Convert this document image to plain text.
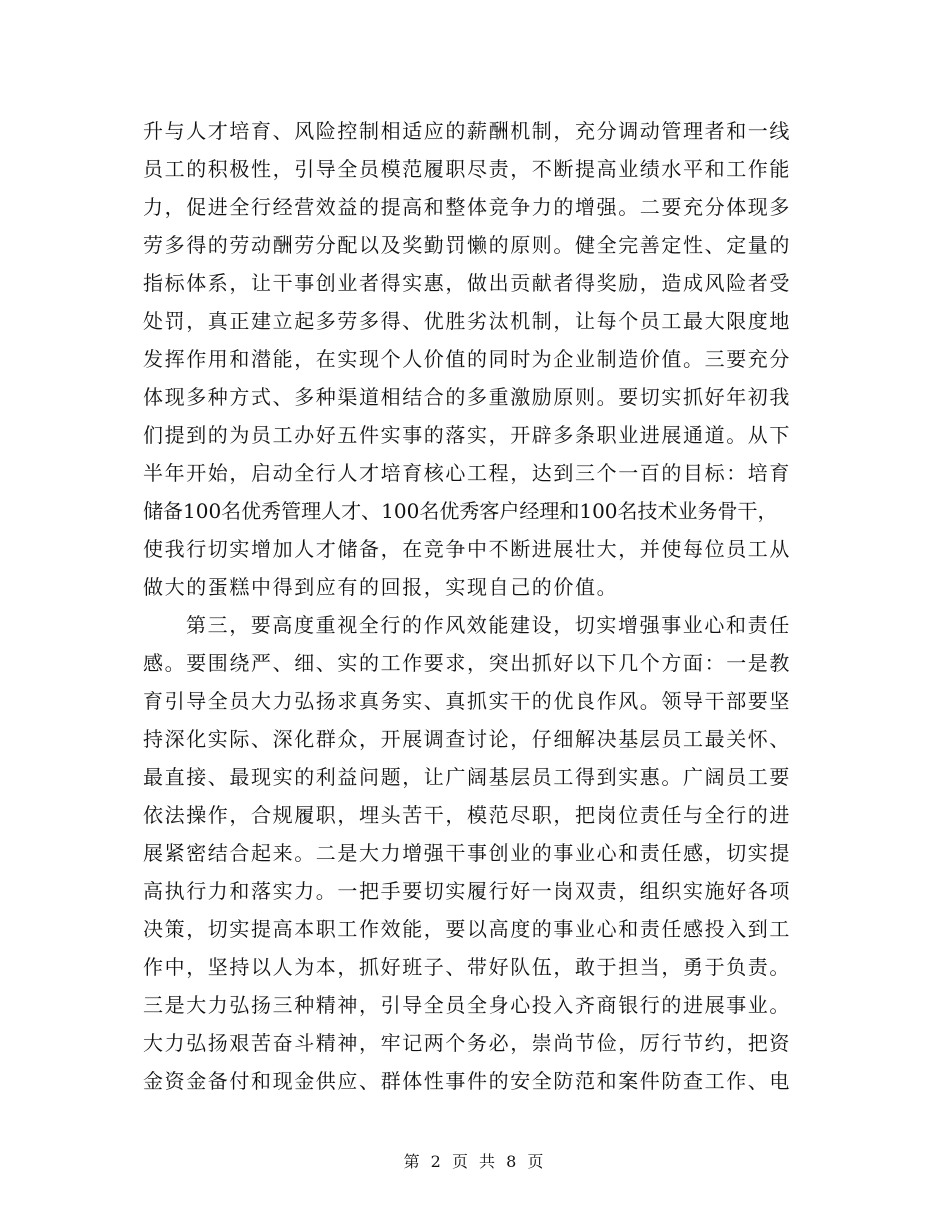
升与人才培育、风险控制相适应的薪酬机制，充分调动管理者和一线
员工的积极性，引导全员模范履职尽责，不断提高业绩水平和工作能
力，促进全行经营效益的提高和整体竞争力的增强。二要充分体现多
劳多得的劳动酬劳分配以及奖勤罚懒的原则。健全完善定性、定量的
指标体系，让干事创业者得实惠，做出贡献者得奖励，造成风险者受
处罚，真正建立起多劳多得、优胜劣汰机制，让每个员工最大限度地
发挥作用和潜能，在实现个人价值的同时为企业制造价值。三要充分
体现多种方式、多种渠道相结合的多重激励原则。要切实抓好年初我
们提到的为员工办好五件实事的落实，开辟多条职业进展通道。从下
半年开始，启动全行人才培育核心工程，达到三个一百的目标：培育
储备100名优秀管理人才、100名优秀客户经理和100名技术业务骨干，
使我行切实增加人才储备，在竞争中不断进展壮大，并使每位员工从
做大的蛋糕中得到应有的回报，实现自己的价值。
第三，要高度重视全行的作风效能建设，切实增强事业心和责任
感。要围绕严、细、实的工作要求，突出抓好以下几个方面：一是教
育引导全员大力弘扬求真务实、真抓实干的优良作风。领导干部要坚
持深化实际、深化群众，开展调查讨论，仔细解决基层员工最关怀、
最直接、最现实的利益问题，让广阔基层员工得到实惠。广阔员工要
依法操作，合规履职，埋头苦干，模范尽职，把岗位责任与全行的进
展紧密结合起来。二是大力增强干事创业的事业心和责任感，切实提
高执行力和落实力。一把手要切实履行好一岗双责，组织实施好各项
决策，切实提高本职工作效能，要以高度的事业心和责任感投入到工
作中，坚持以人为本，抓好班子、带好队伍，敢于担当，勇于负责。
三是大力弘扬三种精神，引导全员全身心投入齐商银行的进展事业。
大力弘扬艰苦奋斗精神，牢记两个务必，崇尚节俭，厉行节约，把资
金资金备付和现金供应、群体性事件的安全防范和案件防查工作、电
第 2 页 共 8 页
